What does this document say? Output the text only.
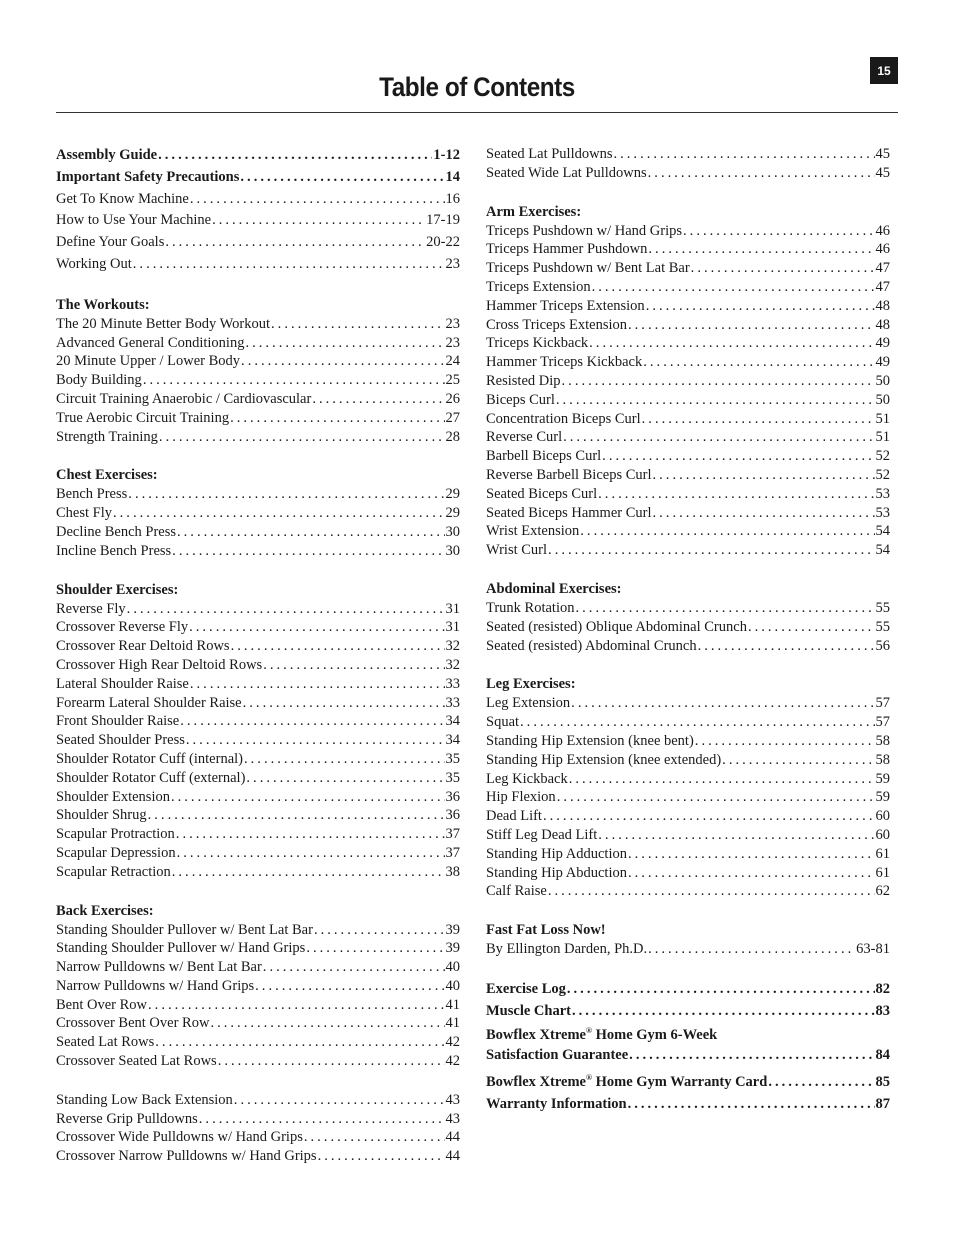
15
Table of Contents
Assembly Guide . . .	1-12
Important Safety Precautions . . .	14
Get To Know Machine . . .	16
How to Use Your Machine . . .	17-19
Define Your Goals . . .	20-22
Working Out . . .	23
The Workouts:
The 20 Minute Better Body Workout . . .	23
Advanced General Conditioning . . .	23
20 Minute Upper / Lower Body . . .	24
Body Building . . .	25
Circuit Training Anaerobic / Cardiovascular . . .	26
True Aerobic Circuit Training . . .	27
Strength Training . . .	28
Chest Exercises:
Bench Press . . .	29
Chest Fly . . .	29
Decline Bench Press . . .	30
Incline Bench Press . . .	30
Shoulder Exercises:
Reverse Fly . . .	31
Crossover Reverse Fly . . .	31
Crossover Rear Deltoid Rows . . .	32
Crossover High Rear Deltoid Rows . . .	32
Lateral Shoulder Raise . . .	33
Forearm Lateral Shoulder Raise . . .	33
Front Shoulder Raise . . .	34
Seated Shoulder Press . . .	34
Shoulder Rotator Cuff (internal) . . .	35
Shoulder Rotator Cuff (external) . . .	35
Shoulder Extension . . .	36
Shoulder Shrug . . .	36
Scapular Protraction . . .	37
Scapular Depression . . .	37
Scapular Retraction . . .	38
Back Exercises:
Standing Shoulder Pullover w/ Bent Lat Bar . . .	39
Standing Shoulder Pullover w/ Hand Grips . . .	39
Narrow Pulldowns w/ Bent Lat Bar . . .	40
Narrow Pulldowns w/ Hand Grips . . .	40
Bent Over Row . . .	41
Crossover Bent Over Row . . .	41
Seated Lat Rows . . .	42
Crossover Seated Lat Rows . . .	42
Standing Low Back Extension . . .	43
Reverse Grip Pulldowns . . .	43
Crossover Wide Pulldowns w/ Hand Grips . . .	44
Crossover Narrow Pulldowns w/ Hand Grips . . .	44
Seated Lat Pulldowns . . .	45
Seated Wide Lat Pulldowns . . .	45
Arm Exercises:
Triceps Pushdown w/ Hand Grips . . .	46
Triceps Hammer Pushdown . . .	46
Triceps Pushdown w/ Bent Lat Bar . . .	47
Triceps Extension . . .	47
Hammer Triceps Extension . . .	48
Cross Triceps Extension . . .	48
Triceps Kickback . . .	49
Hammer Triceps Kickback . . .	49
Resisted Dip . . .	50
Biceps Curl . . .	50
Concentration Biceps Curl . . .	51
Reverse Curl . . .	51
Barbell Biceps Curl . . .	52
Reverse Barbell Biceps Curl . . .	52
Seated Biceps Curl . . .	53
Seated Biceps Hammer Curl . . .	53
Wrist Extension . . .	54
Wrist Curl . . .	54
Abdominal Exercises:
Trunk Rotation . . .	55
Seated (resisted) Oblique Abdominal Crunch . . .	55
Seated (resisted) Abdominal Crunch . . .	56
Leg Exercises:
Leg Extension . . .	57
Squat . . .	57
Standing Hip Extension (knee bent) . . .	58
Standing Hip Extension (knee extended) . . .	58
Leg Kickback . . .	59
Hip Flexion . . .	59
Dead Lift . . .	60
Stiff Leg Dead Lift . . .	60
Standing Hip Adduction . . .	61
Standing Hip Abduction . . .	61
Calf Raise . . .	62
Fast Fat Loss Now!
By Ellington Darden, Ph.D. . . .	63-81
Exercise Log . . .	82
Muscle Chart . . .	83
Bowflex Xtreme® Home Gym 6-Week
Satisfaction Guarantee . . .	84
Bowflex Xtreme® Home Gym Warranty Card . . .	85
Warranty Information . . .	87
